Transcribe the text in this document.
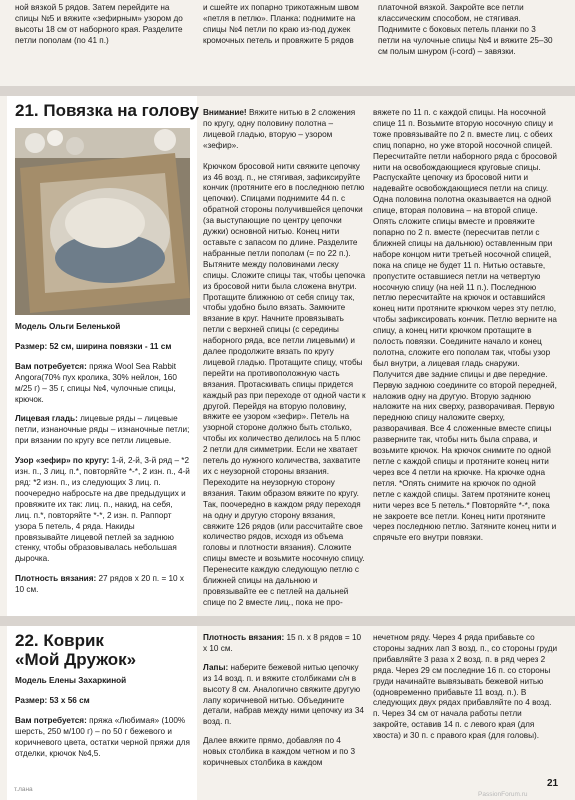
ной вязкой 5 рядов. Затем перейдите на спицы №5 и вяжите «зефирным» узором до высоты 18 см от наборного края. Разделите петли пополам (по 41 п.)

и сшейте их попарно трикотажным швом «петля в петлю». Планка: поднимите на спицы №4 петли по краю из-под дужек кромочных петель и провяжите 5 рядов

платочной вязкой. Закройте все петли классическим способом, не стягивая. Поднимите с боковых петель планки по 3 петли на чулочные спицы №4 и вяжите 25–30 см полым шнуром (i-cord) – завязки.

21. Повязка на голову

Модель Ольги Беленькой

Размер: 52 см, ширина повязки - 11 см

Вам потребуется: пряжа Wool Sea Rabbit Angora(70% пух кролика, 30% нейлон, 160 м/25 г) – 35 г, спицы №4, чулочные спицы, крючок.

Лицевая гладь: лицевые ряды – лицевые петли, изнаночные ряды – изнаночные петли; при вязании по кругу все петли лицевые.

Узор «зефир» по кругу: 1-й, 2-й, 3-й ряд – *2 изн. п., 3 лиц. п.*, повторяйте *-*, 2 изн. п., 4-й ряд: *2 изн. п., из следующих 3 лиц. п. поочередно набросьте на две предыдущих и провяжите их так: лиц. п., накид, на себя, лиц. п.*, повторяйте *-*, 2 изн. п. Раппорт узора 5 петель, 4 ряда. Накиды провязывайте лицевой петлей за заднюю стенку, чтобы образовывалась небольшая дырочка.

Плотность вязания: 27 рядов x 20 п. = 10 x 10 см.

Внимание! Вяжите нитью в 2 сложения по кругу, одну половину полотна – лицевой гладью, вторую – узором «зефир».

Крючком бросовой нити свяжите цепочку из 46 возд. п., не стягивая, зафиксируйте кончик (протяните его в последнюю петлю цепочки). Спицами поднимите 44 п. с обратной стороны получившейся цепочки (за выступающие по центру цепочки дужки) основной нитью. Конец нити оставьте с запасом по длине. Разделите набранные петли пополам (= по 22 п.). Вытяните между половинами леску спицы. Сложите спицы так, чтобы цепочка из бросовой нити была сложена внутри. Протащите ближнюю от себя спицу так, чтобы удобно было вязать. Замкните вязание в круг. Начните провязывать петли с верхней спицы (с середины наборного ряда, все петли лицевыми) и далее продолжите вязать по кругу лицевой гладью. Протащите спицу, чтобы перейти на противоположную часть вязания. Протаскивать спицы придется каждый раз при переходе от одной части к другой. Перейдя на вторую половину, вяжите ее узором «зефир». Петель на узорной стороне должно быть столько, чтобы их количество делилось на 5 плюс 2 петли для симметрии. Если не хватает петель до нужного количества, захватите их с неузорной стороны вязания. Переходите на неузорную сторону вязания. Таким образом вяжите по кругу. Так, поочередно в каждом ряду переходя на одну и другую сторону вязания, свяжите 126 рядов (или рассчитайте свое количество рядов, исходя из объема головы и плотности вязания). Сложите спицы вместе и возьмите носочную спицу. Перенесите каждую следующую петлю с ближней спицы на дальнюю и провязывайте ее с петлей на дальней спице по 2 вместе лиц., пока не про-

вяжете по 11 п. с каждой спицы. На носочной спице 11 п. Возьмите вторую носочную спицу и тоже провязывайте по 2 п. вместе лиц. с обеих спиц попарно, но уже второй носочной спицей. Пересчитайте петли наборного ряда с бросовой нити на освобождающиеся круговые спицы. Распускайте цепочку из бросовой нити и надевайте освобождающиеся петли на спицу. Одна половина полотна оказывается на одной спице, вторая половина – на второй спице. Опять сложите спицы вместе и провяжите попарно по 2 п. вместе (пересчитав петли с ближней спицы на дальнюю) оставленным при наборе концом нити третьей носочной спицей, пока на спице не будет 11 п. Нитью оставьте, пропустите оставшиеся петли на четвертую носочную спицу (на ней 11 п.). Последнюю петлю пересчитайте на крючок и оставшийся конец нити протяните крючком через эту петлю, чтобы зафиксировать кончик. Петлю верните на спицу, а конец нити крючком протащите в полость повязки. Соедините начало и конец полотна, сложите его пополам так, чтобы узор был внутри, а лицевая гладь снаружи. Получится две задние спицы и две передние. Первую заднюю соедините со второй передней, наложив одну на другую. Вторую заднюю наложите на них сверху, разворачивая. Первую переднюю спицу наложите сверху, разворачивая. Все 4 сложенные вместе спицы разверните так, чтобы нить была справа, и возьмите крючок. На крючок снимите по одной петле с каждой спицы и протяните конец нити через все 4 петли на крючке. На крючке одна петля. *Опять снимите на крючок по одной петле с каждой спицы. Затем протяните конец нити через все 5 петель.* Повторяйте *-*, пока не закроете все петли. Конец нити протяните через последнюю петлю. Затяните конец нити и спрячьте его внутри повязки.

22. Коврик

«Мой Дружок»

Модель Елены Захаркиной

Размер: 53 x 56 см

Вам потребуется: пряжа «Любимая» (100% шерсть, 250 м/100 г) – по 50 г бежевого и коричневого цвета, остатки черной пряжи для отделки, крючок №4,5.

Плотность вязания: 15 п. x 8 рядов = 10 x 10 см.

Лапы: наберите бежевой нитью цепочку из 14 возд. п. и вяжите столбиками с/н в высоту 8 см. Аналогично свяжите другую лапу коричневой нитью. Объедините детали, набрав между ними цепочку из 34 возд. п.

Далее вяжите прямо, добавляя по 4 новых столбика в каждом четном и по 3 коричневых столбика в каждом

нечетном ряду. Через 4 ряда прибавьте со стороны задних лап 3 возд. п., со стороны груди прибавляйте 3 раза х 2 возд. п. в ряд через 2 ряда. Через 29 см последние 16 п. со стороны груди начинайте вывязывать бежевой нитью (одновременно прибавьте 11 возд. п.). В следующих двух рядах прибавляйте по 4 возд. п. Через 34 см от начала работы петли закройте, оставив 14 п. с левого края (для хвоста) и 30 п. с правого края (для головы).

т.лана
21
PassionForum.ru
